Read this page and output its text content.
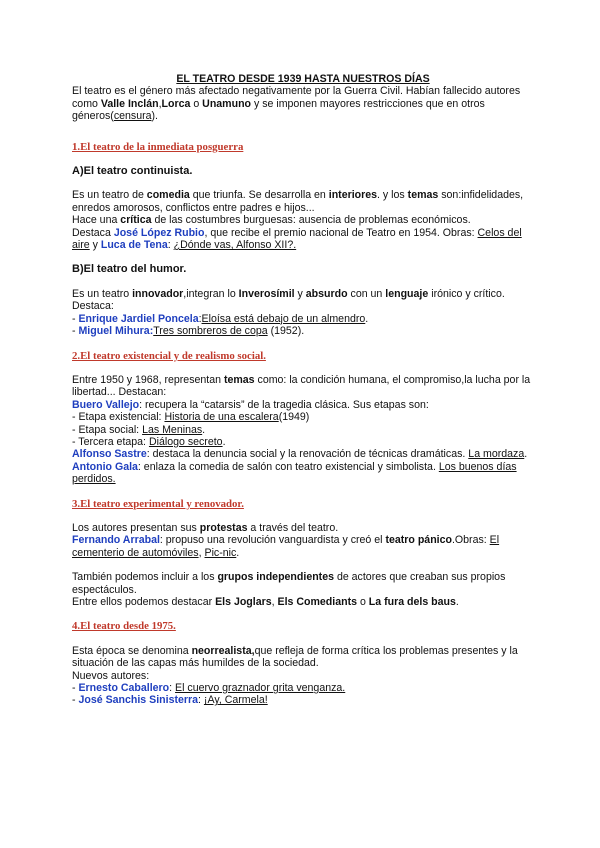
EL TEATRO DESDE 1939 HASTA NUESTROS DÍAS

El teatro es el género más afectado negativamente por la Guerra Civil. Habían fallecido autores como Valle Inclán,Lorca o Unamuno y se imponen mayores restricciones que en otros géneros(censura).

1.El teatro de la inmediata posguerra
A)El teatro continuista.

Es un teatro de comedia que triunfa. Se desarrolla en interiores. y los temas son:infidelidades, enredos amorosos, conflictos entre padres e hijos...
Hace una crítica de las costumbres burguesas: ausencia de problemas económicos.
Destaca José López Rubio, que recibe el premio nacional de Teatro en 1954. Obras: Celos del aire y Luca de Tena: ¿Dónde vas, Alfonso XII?.

B)El teatro del humor.

Es un teatro innovador,integran lo Inverosímil y absurdo con un lenguaje irónico y crítico.
Destaca:
- Enrique Jardiel Poncela:Eloísa está debajo de un almendro.
- Miguel Mihura:Tres sombreros de copa (1952).

2.El teatro existencial y de realismo social.

Entre 1950 y 1968, representan temas como: la condición humana, el compromiso,la lucha por la libertad... Destacan:
Buero Vallejo: recupera la “catarsis” de la tragedia clásica. Sus etapas son:
- Etapa existencial: Historia de una escalera(1949)
- Etapa social: Las Meninas.
- Tercera etapa: Diálogo secreto.
Alfonso Sastre: destaca la denuncia social y la renovación de técnicas dramáticas. La mordaza.
Antonio Gala: enlaza la comedia de salón con teatro existencial y simbolista. Los buenos días perdidos.

3.El teatro experimental y renovador.

Los autores presentan sus protestas a través del teatro.
Fernando Arrabal: propuso una revolución vanguardista y creó el teatro pánico.Obras: El cementerio de automóviles, Pic-nic.

También podemos incluir a los grupos independientes de actores que creaban sus propios espectáculos.
Entre ellos podemos destacar Els Joglars, Els Comediants o La fura dels baus.

4.El teatro desde 1975.

Esta época se denomina neorrealista,que refleja de forma crítica los problemas presentes y la situación de las capas más humildes de la sociedad.
Nuevos autores:
- Ernesto Caballero: El cuervo graznador grita venganza.
- José Sanchis Sinisterra: ¡Ay, Carmela!
